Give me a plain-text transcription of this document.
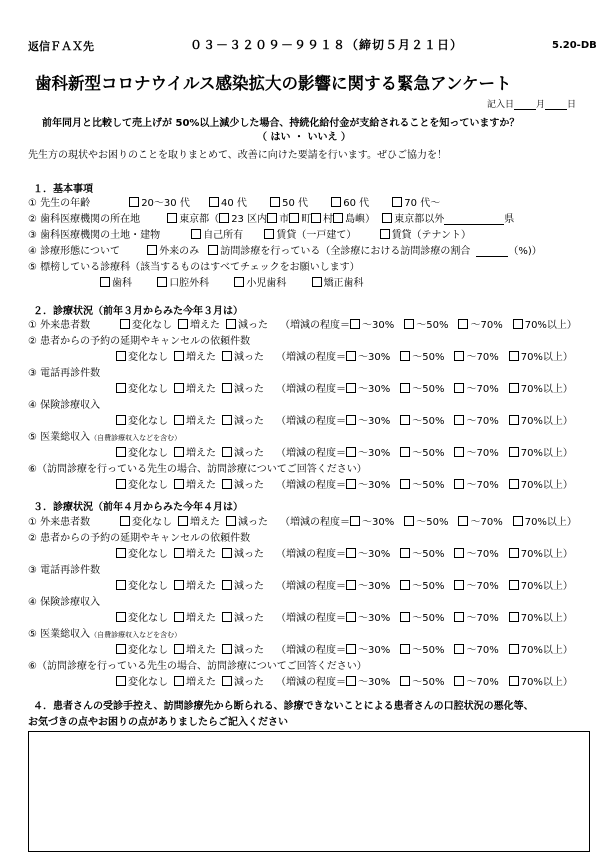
返信ＦＡＸ先	０３－３２０９－９９１８（締切５月２１日）	5.20-DB
歯科新型コロナウイルス感染拡大の影響に関する緊急アンケート
記入日 月 日
前年同月と比較して売上げが 50%以上減少した場合、持続化給付金が支給されることを知っていますか？
（ はい ・ いいえ ）
先生方の現状やお困りのことを取りまとめて、改善に向けた要請を行います。ぜひご協力を！
１．基本事項
① 先生の年齢	20～30 代	40 代	50 代	60 代	70 代～
② 歯科医療機関の所在地	東京都（ 23 区内 市 町 村 島嶼） 東京都以外	県
③ 歯科医療機関の土地・建物	自己所有	賃貸（一戸建て）	賃貸（テナント）
④ 診療形態について	外来のみ 訪問診療を行っている（全診療における訪問診療の割合	（%)）
⑤ 標榜している診療科（該当するものはすべてチェックをお願いします）
歯科	口腔外科	小児歯科	矯正歯科
２．診療状況（前年３月からみた今年３月は）
① 外来患者数	変化なし 増えた 減った （増減の程度＝ ～30% ～50% ～70% 70%以上）
② 患者からの予約の延期やキャンセルの依頼件数
変化なし 増えた 減った （増減の程度＝ ～30% ～50% ～70% 70%以上）
③ 電話再診件数
変化なし 増えた 減った （増減の程度＝ ～30% ～50% ～70% 70%以上）
④ 保険診療収入
変化なし 増えた 減った （増減の程度＝ ～30% ～50% ～70% 70%以上）
⑤ 医業総収入（自費診療収入などを含む）
変化なし 増えた 減った （増減の程度＝ ～30% ～50% ～70% 70%以上）
⑥（訪問診療を行っている先生の場合、訪問診療についてご回答ください）
変化なし 増えた 減った （増減の程度＝ ～30% ～50% ～70% 70%以上）
３．診療状況（前年４月からみた今年４月は）
① 外来患者数	変化なし 増えた 減った （増減の程度＝ ～30% ～50% ～70% 70%以上）
② 患者からの予約の延期やキャンセルの依頼件数
変化なし 増えた 減った （増減の程度＝ ～30% ～50% ～70% 70%以上）
③ 電話再診件数
変化なし 増えた 減った （増減の程度＝ ～30% ～50% ～70% 70%以上）
④ 保険診療収入
変化なし 増えた 減った （増減の程度＝ ～30% ～50% ～70% 70%以上）
⑤ 医業総収入（自費診療収入などを含む）
変化なし 増えた 減った （増減の程度＝ ～30% ～50% ～70% 70%以上）
⑥（訪問診療を行っている先生の場合、訪問診療についてご回答ください）
変化なし 増えた 減った （増減の程度＝ ～30% ～50% ～70% 70%以上）
４．患者さんの受診手控え、訪問診療先から断られる、診療できないことによる患者さんの口腔状況の悪化等、
お気づきの点やお困りの点がありましたらご記入ください
